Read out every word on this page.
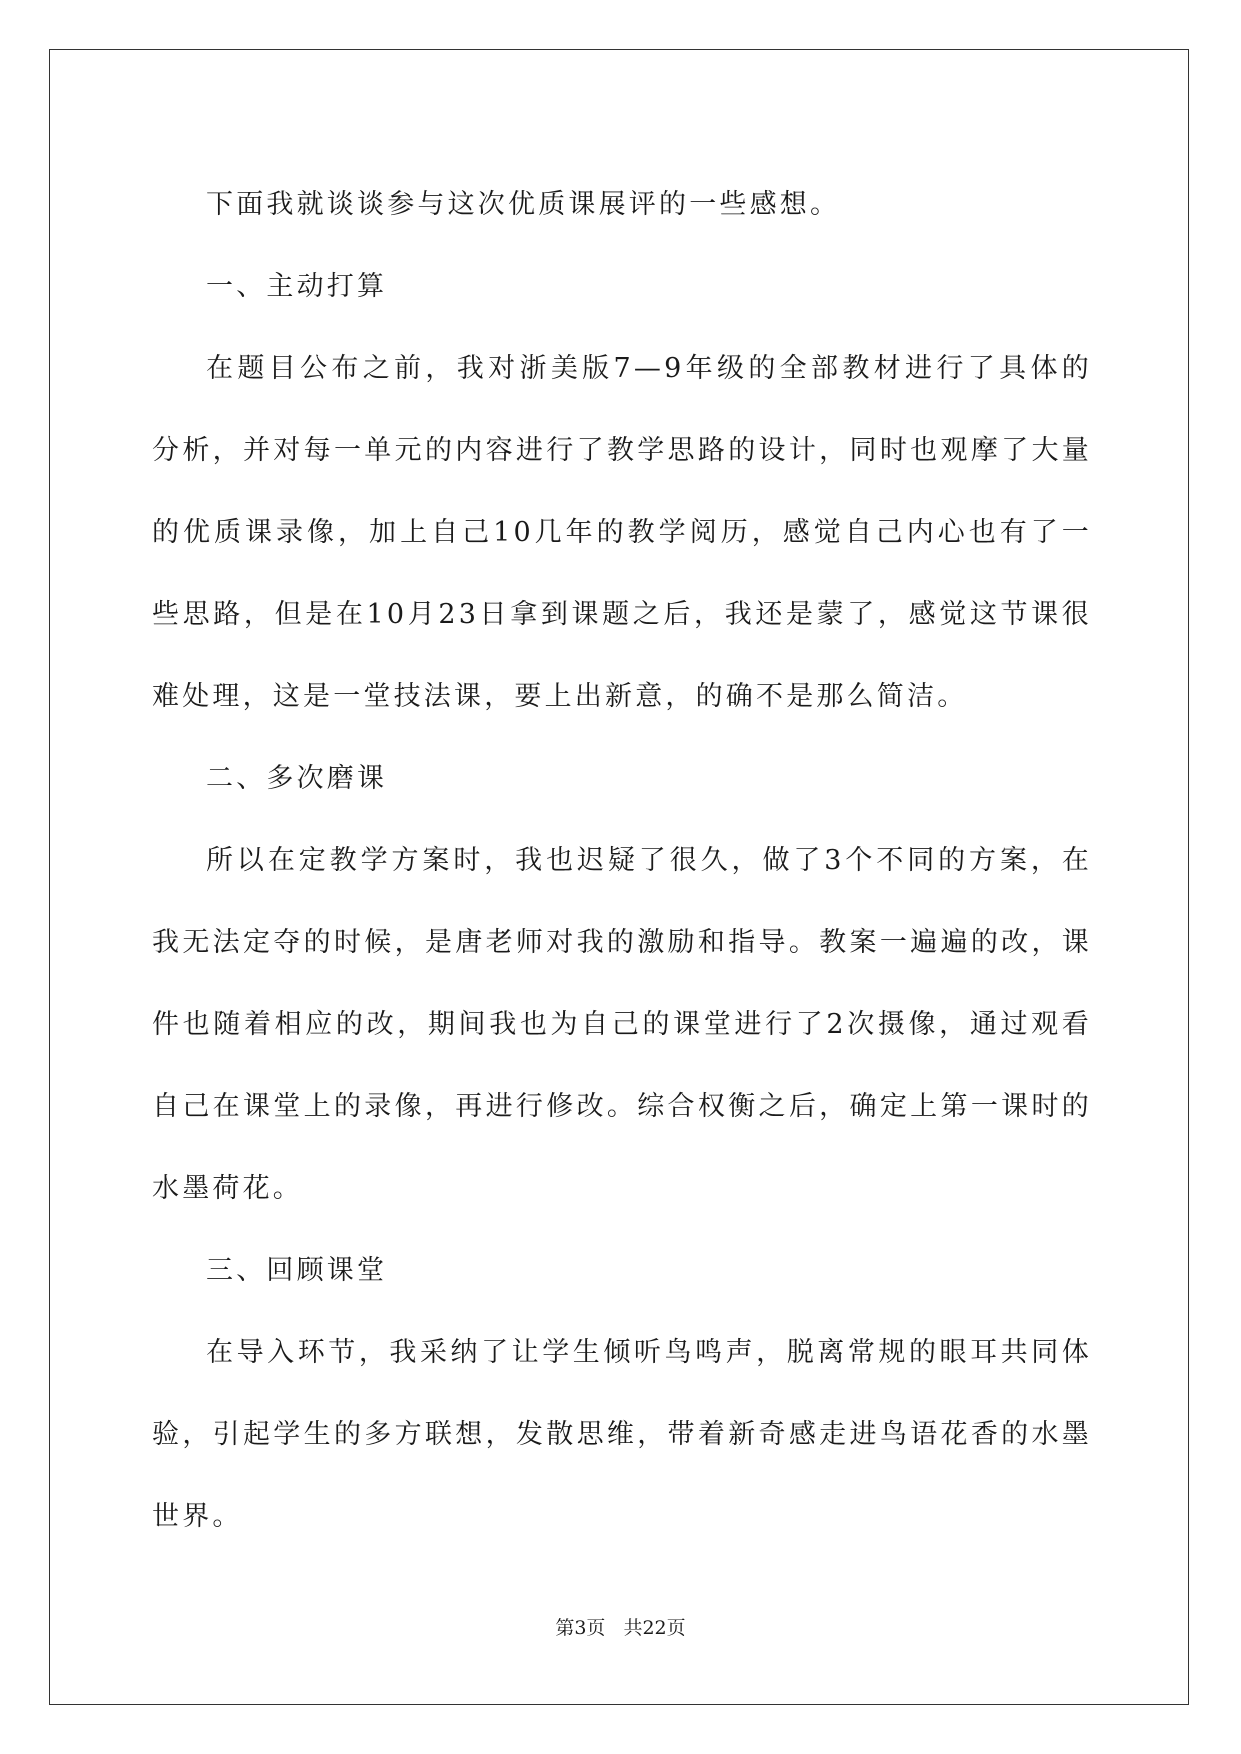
下面我就谈谈参与这次优质课展评的一些感想。

一、主动打算

在题目公布之前，我对浙美版7—9年级的全部教材进行了具体的分析，并对每一单元的内容进行了教学思路的设计，同时也观摩了大量的优质课录像，加上自己10几年的教学阅历，感觉自己内心也有了一些思路，但是在10月23日拿到课题之后，我还是蒙了，感觉这节课很难处理，这是一堂技法课，要上出新意，的确不是那么简洁。

二、多次磨课

所以在定教学方案时，我也迟疑了很久，做了3个不同的方案，在我无法定夺的时候，是唐老师对我的激励和指导。教案一遍遍的改，课件也随着相应的改，期间我也为自己的课堂进行了2次摄像，通过观看自己在课堂上的录像，再进行修改。综合权衡之后，确定上第一课时的水墨荷花。

三、回顾课堂

在导入环节，我采纳了让学生倾听鸟鸣声，脱离常规的眼耳共同体验，引起学生的多方联想，发散思维，带着新奇感走进鸟语花香的水墨世界。

第3页 共22页
